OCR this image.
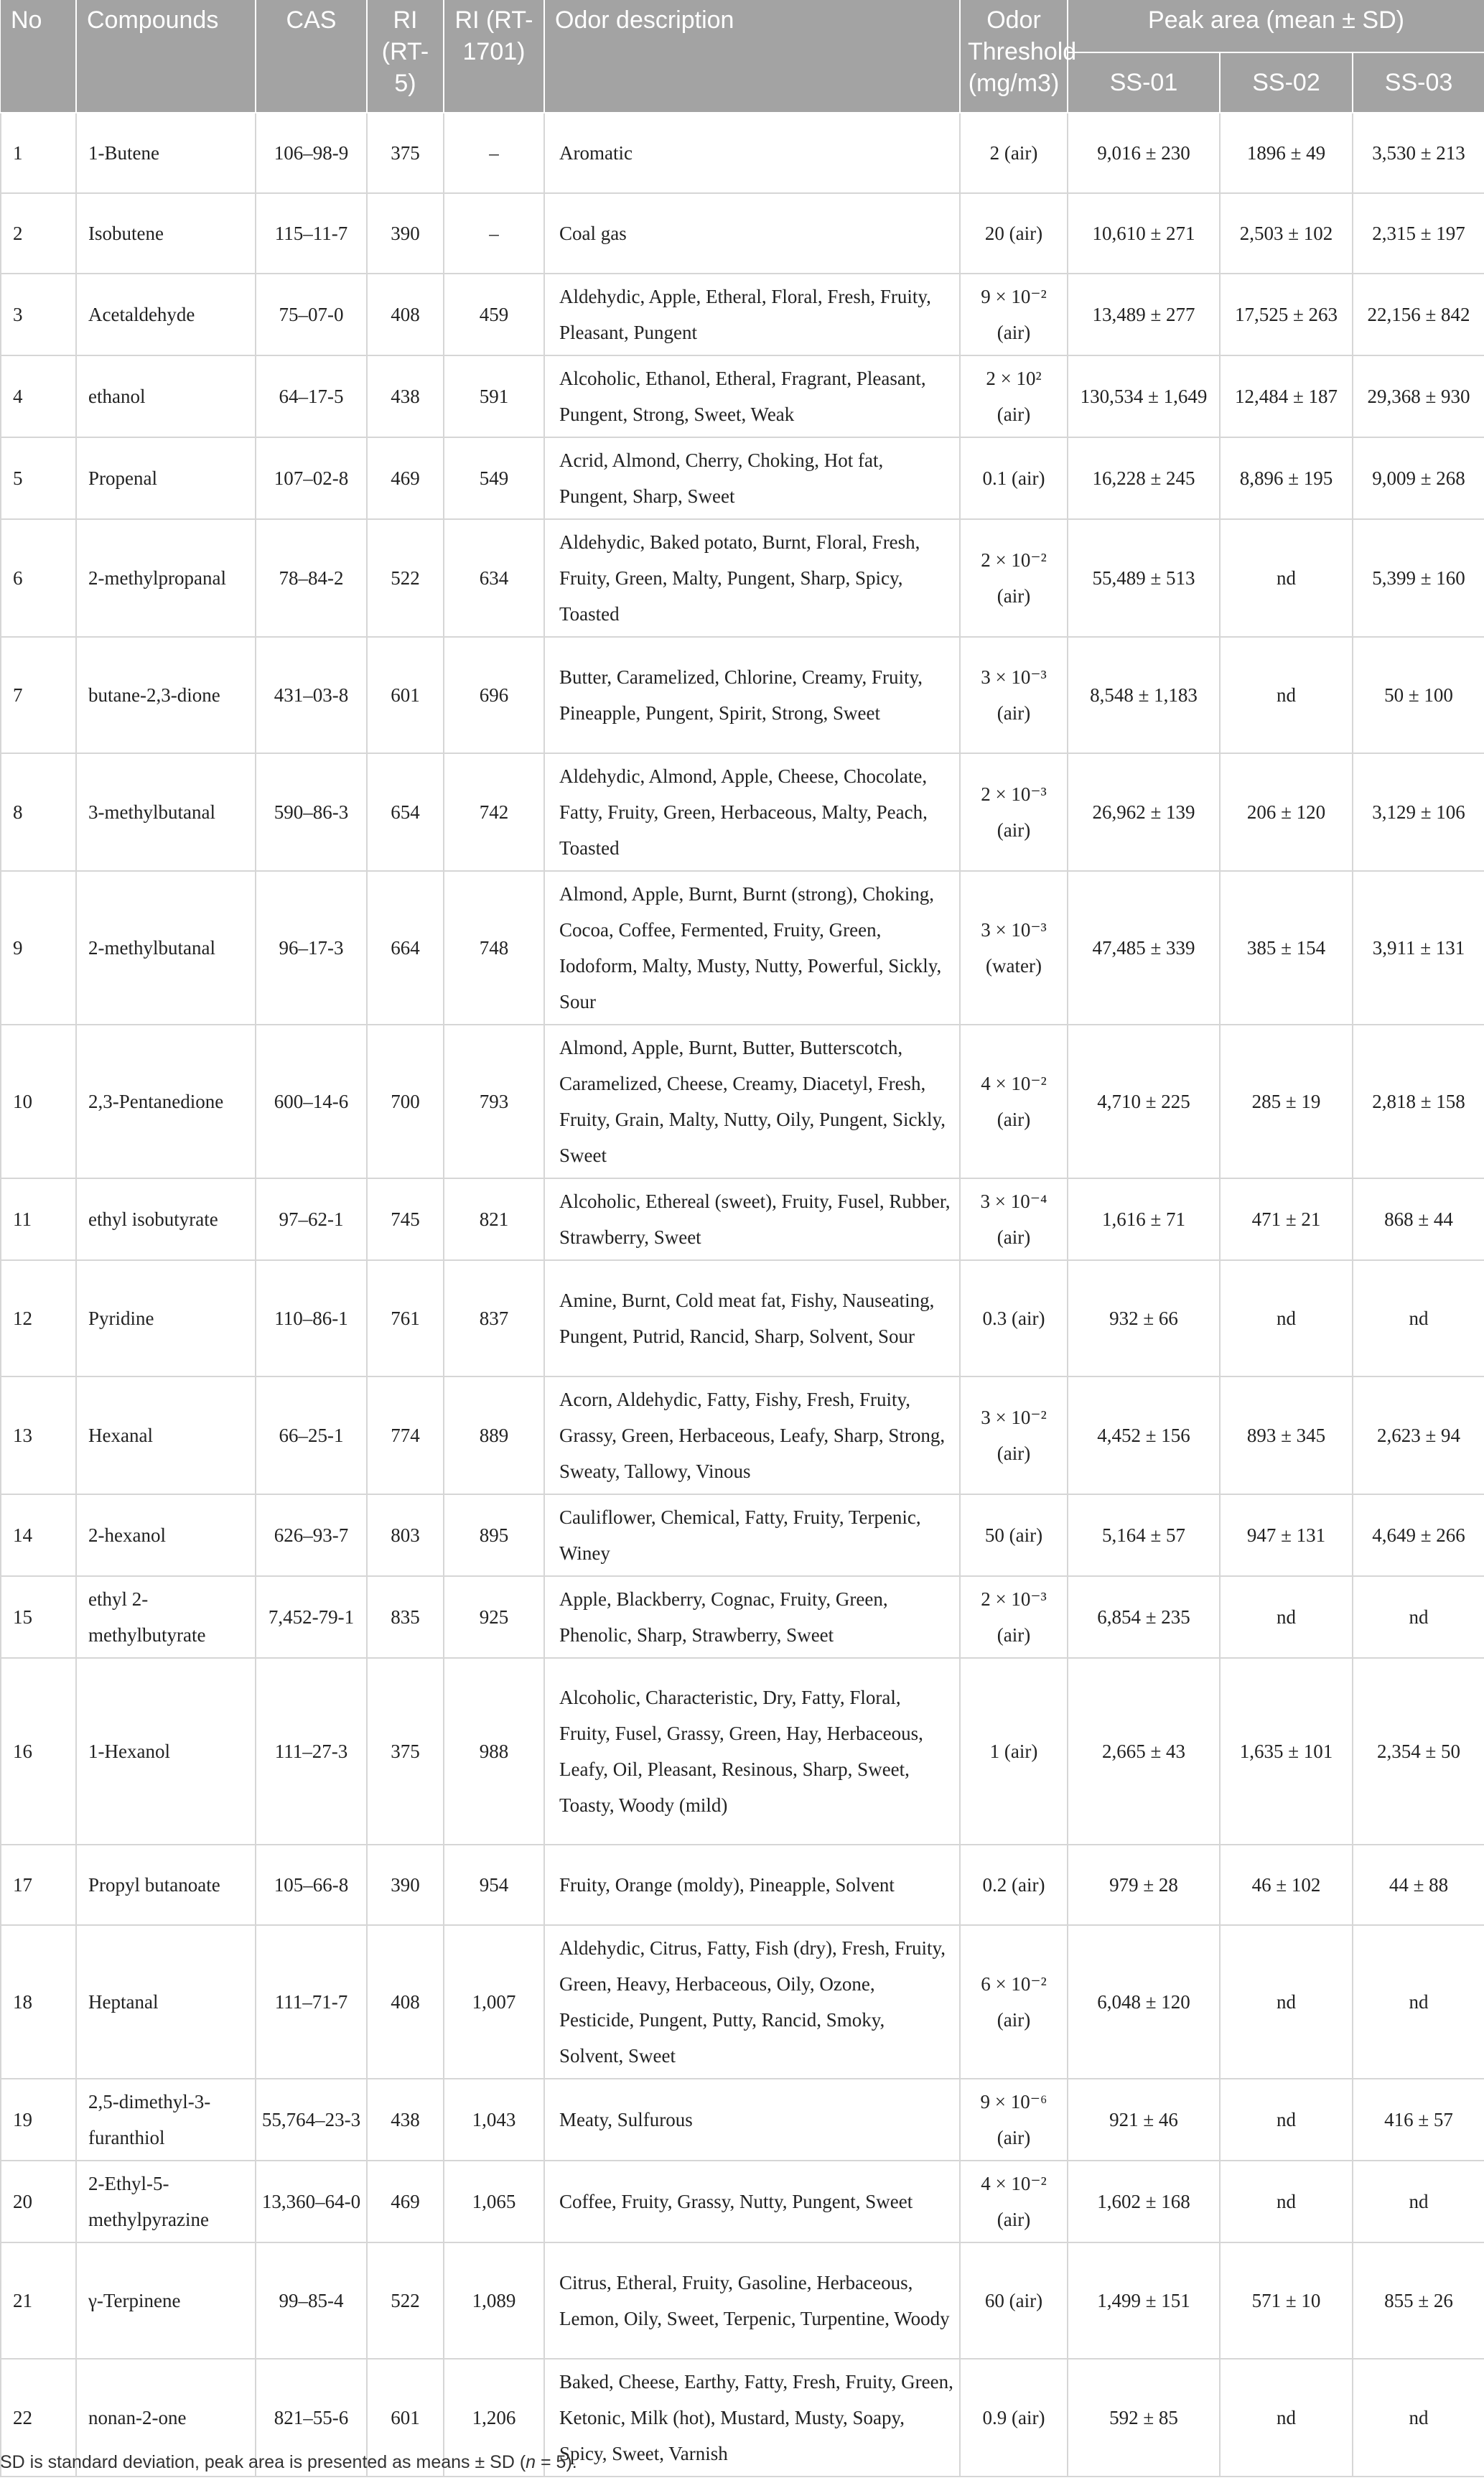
No	Compounds	CAS	RI (RT-5)	RI (RT-1701)	Odor description	Odor Threshold (mg/m3)	Peak area (mean ± SD)		
							SS-01	SS-02	SS-03
1	1-Butene	106–98-9	375	–	Aromatic	2 (air)	9,016 ± 230	1896 ± 49	3,530 ± 213
2	Isobutene	115–11-7	390	–	Coal gas	20 (air)	10,610 ± 271	2,503 ± 102	2,315 ± 197
3	Acetaldehyde	75–07-0	408	459	Aldehydic, Apple, Etheral, Floral, Fresh, Fruity, Pleasant, Pungent	9 × 10⁻² (air)	13,489 ± 277	17,525 ± 263	22,156 ± 842
4	ethanol	64–17-5	438	591	Alcoholic, Ethanol, Etheral, Fragrant, Pleasant, Pungent, Strong, Sweet, Weak	2 × 10² (air)	130,534 ± 1,649	12,484 ± 187	29,368 ± 930
5	Propenal	107–02-8	469	549	Acrid, Almond, Cherry, Choking, Hot fat, Pungent, Sharp, Sweet	0.1 (air)	16,228 ± 245	8,896 ± 195	9,009 ± 268
6	2-methylpropanal	78–84-2	522	634	Aldehydic, Baked potato, Burnt, Floral, Fresh, Fruity, Green, Malty, Pungent, Sharp, Spicy, Toasted	2 × 10⁻² (air)	55,489 ± 513	nd	5,399 ± 160
7	butane-2,3-dione	431–03-8	601	696	Butter, Caramelized, Chlorine, Creamy, Fruity, Pineapple, Pungent, Spirit, Strong, Sweet	3 × 10⁻³ (air)	8,548 ± 1,183	nd	50 ± 100
8	3-methylbutanal	590–86-3	654	742	Aldehydic, Almond, Apple, Cheese, Chocolate, Fatty, Fruity, Green, Herbaceous, Malty, Peach, Toasted	2 × 10⁻³ (air)	26,962 ± 139	206 ± 120	3,129 ± 106
9	2-methylbutanal	96–17-3	664	748	Almond, Apple, Burnt, Burnt (strong), Choking, Cocoa, Coffee, Fermented, Fruity, Green, Iodoform, Malty, Musty, Nutty, Powerful, Sickly, Sour	3 × 10⁻³ (water)	47,485 ± 339	385 ± 154	3,911 ± 131
10	2,3-Pentanedione	600–14-6	700	793	Almond, Apple, Burnt, Butter, Butterscotch, Caramelized, Cheese, Creamy, Diacetyl, Fresh, Fruity, Grain, Malty, Nutty, Oily, Pungent, Sickly, Sweet	4 × 10⁻² (air)	4,710 ± 225	285 ± 19	2,818 ± 158
11	ethyl isobutyrate	97–62-1	745	821	Alcoholic, Ethereal (sweet), Fruity, Fusel, Rubber, Strawberry, Sweet	3 × 10⁻⁴ (air)	1,616 ± 71	471 ± 21	868 ± 44
12	Pyridine	110–86-1	761	837	Amine, Burnt, Cold meat fat, Fishy, Nauseating, Pungent, Putrid, Rancid, Sharp, Solvent, Sour	0.3 (air)	932 ± 66	nd	nd
13	Hexanal	66–25-1	774	889	Acorn, Aldehydic, Fatty, Fishy, Fresh, Fruity, Grassy, Green, Herbaceous, Leafy, Sharp, Strong, Sweaty, Tallowy, Vinous	3 × 10⁻² (air)	4,452 ± 156	893 ± 345	2,623 ± 94
14	2-hexanol	626–93-7	803	895	Cauliflower, Chemical, Fatty, Fruity, Terpenic, Winey	50 (air)	5,164 ± 57	947 ± 131	4,649 ± 266
15	ethyl 2-methylbutyrate	7,452-79-1	835	925	Apple, Blackberry, Cognac, Fruity, Green, Phenolic, Sharp, Strawberry, Sweet	2 × 10⁻³ (air)	6,854 ± 235	nd	nd
16	1-Hexanol	111–27-3	375	988	Alcoholic, Characteristic, Dry, Fatty, Floral, Fruity, Fusel, Grassy, Green, Hay, Herbaceous, Leafy, Oil, Pleasant, Resinous, Sharp, Sweet, Toasty, Woody (mild)	1 (air)	2,665 ± 43	1,635 ± 101	2,354 ± 50
17	Propyl butanoate	105–66-8	390	954	Fruity, Orange (moldy), Pineapple, Solvent	0.2 (air)	979 ± 28	46 ± 102	44 ± 88
18	Heptanal	111–71-7	408	1,007	Aldehydic, Citrus, Fatty, Fish (dry), Fresh, Fruity, Green, Heavy, Herbaceous, Oily, Ozone, Pesticide, Pungent, Putty, Rancid, Smoky, Solvent, Sweet	6 × 10⁻² (air)	6,048 ± 120	nd	nd
19	2,5-dimethyl-3-furanthiol	55,764–23-3	438	1,043	Meaty, Sulfurous	9 × 10⁻⁶ (air)	921 ± 46	nd	416 ± 57
20	2-Ethyl-5-methylpyrazine	13,360–64-0	469	1,065	Coffee, Fruity, Grassy, Nutty, Pungent, Sweet	4 × 10⁻² (air)	1,602 ± 168	nd	nd
21	γ-Terpinene	99–85-4	522	1,089	Citrus, Etheral, Fruity, Gasoline, Herbaceous, Lemon, Oily, Sweet, Terpenic, Turpentine, Woody	60 (air)	1,499 ± 151	571 ± 10	855 ± 26
22	nonan-2-one	821–55-6	601	1,206	Baked, Cheese, Earthy, Fatty, Fresh, Fruity, Green, Ketonic, Milk (hot), Mustard, Musty, Soapy, Spicy, Sweet, Varnish	0.9 (air)	592 ± 85	nd	nd
SD is standard deviation, peak area is presented as means ± SD (n = 5).
